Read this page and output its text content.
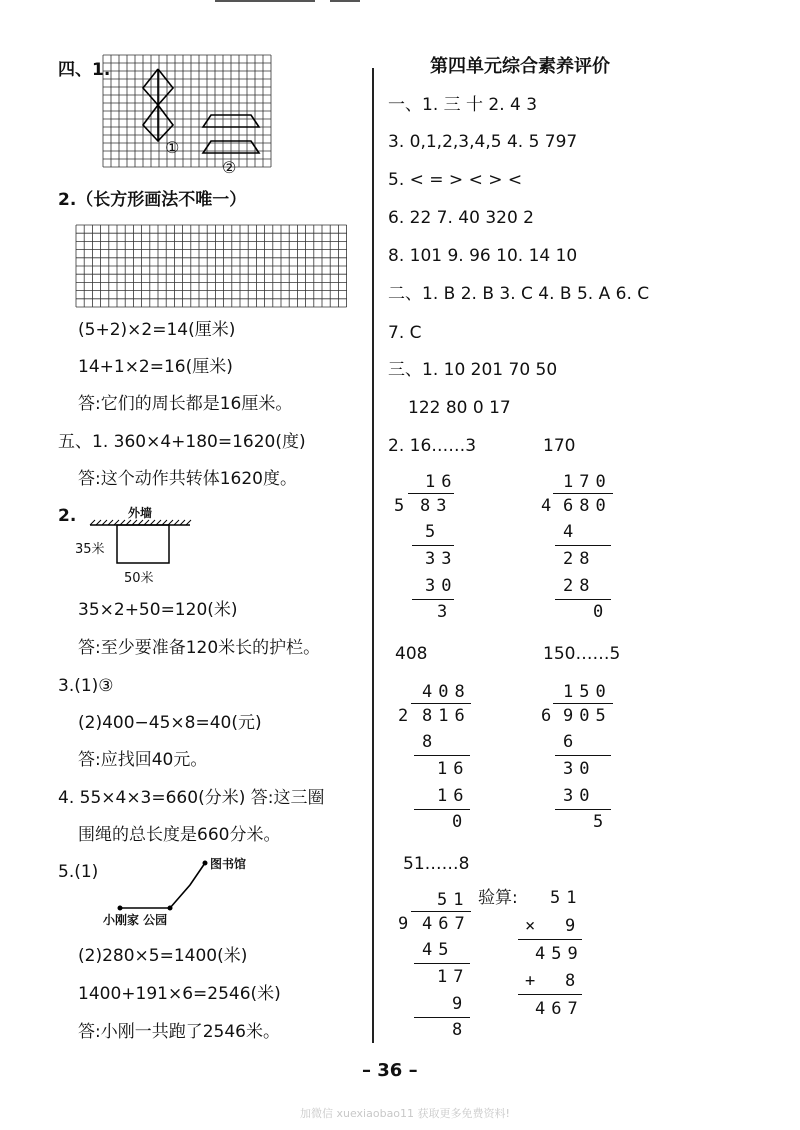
四、1.
①
②
2.（长方形画法不唯一）
(5+2)×2=14(厘米)
14+1×2=16(厘米)
答:它们的周长都是16厘米。
五、1. 360×4+180=1620(度)
答:这个动作共转体1620度。
2.	外墙
35米
50米
35×2+50=120(米)
答:至少要准备120米长的护栏。
3.(1)③
(2)400−45×8=40(元)
答:应找回40元。
4. 55×4×3=660(分米) 答:这三圈
围绳的总长度是660分米。
5.(1)	图书馆
小刚家 公园
(2)280×5=1400(米)
1400+191×6=2546(米)
答:小刚一共跑了2546米。
第四单元综合素养评价
一、1. 三 十 2. 4 3
3. 0,1,2,3,4,5 4. 5 797
5. < = > < > <
6. 22 7. 40 320 2
8. 101 9. 96 10. 14 10
二、1. B 2. B 3. C 4. B 5. A 6. C
7. C
三、1. 10 201 70 50
122 80 0 17
2. 16……3	170
16
5 83
5
33
30
3
170
4 680
4
28
28
0
408	150……5
408
2 816
8
16
16
0
150
6 905
6
30
30
5
51……8
51
9 467
45
17
9
8
验算: 51
× 9
459
+ 8
467
– 36 –
加微信 xuexiaobao11 获取更多免费资料!
